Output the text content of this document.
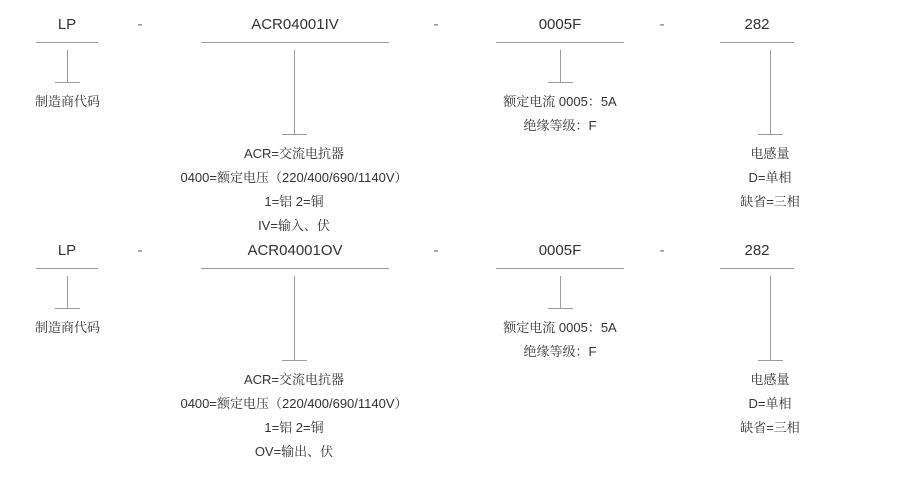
LP	-	ACR04001IV	-	0005F	-	282
制造商代码
ACR=交流电抗器
0400=额定电压（220/400/690/1140V）
1=铝 2=铜
IV=输入、伏
额定电流 0005：5A
绝缘等级：F
电感量
D=单相
缺省=三相
LP	-	ACR04001OV	-	0005F	-	282
制造商代码
ACR=交流电抗器
0400=额定电压（220/400/690/1140V）
1=铝 2=铜
OV=输出、伏
额定电流 0005：5A
绝缘等级：F
电感量
D=单相
缺省=三相
